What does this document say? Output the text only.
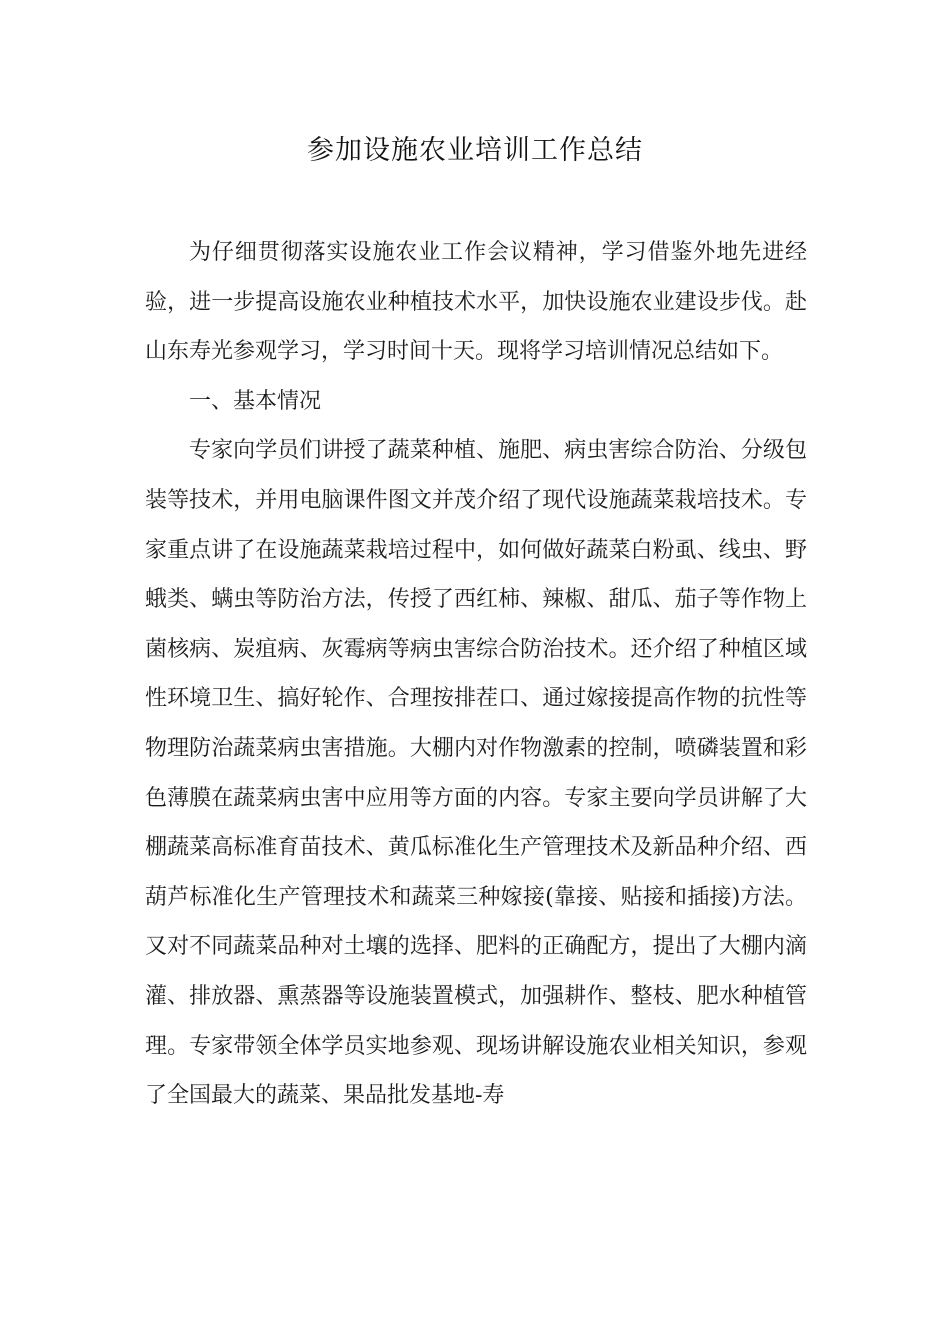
参加设施农业培训工作总结

为仔细贯彻落实设施农业工作会议精神，学习借鉴外地先进经验，进一步提高设施农业种植技术水平，加快设施农业建设步伐。赴山东寿光参观学习，学习时间十天。现将学习培训情况总结如下。

一、基本情况

专家向学员们讲授了蔬菜种植、施肥、病虫害综合防治、分级包装等技术，并用电脑课件图文并茂介绍了现代设施蔬菜栽培技术。专家重点讲了在设施蔬菜栽培过程中，如何做好蔬菜白粉虱、线虫、野蛾类、螨虫等防治方法，传授了西红柿、辣椒、甜瓜、茄子等作物上菌核病、炭疽病、灰霉病等病虫害综合防治技术。还介绍了种植区域性环境卫生、搞好轮作、合理按排茬口、通过嫁接提高作物的抗性等物理防治蔬菜病虫害措施。大棚内对作物激素的控制，喷磷装置和彩色薄膜在蔬菜病虫害中应用等方面的内容。专家主要向学员讲解了大棚蔬菜高标准育苗技术、黄瓜标准化生产管理技术及新品种介绍、西葫芦标准化生产管理技术和蔬菜三种嫁接(靠接、贴接和插接)方法。又对不同蔬菜品种对土壤的选择、肥料的正确配方，提出了大棚内滴灌、排放器、熏蒸器等设施装置模式，加强耕作、整枝、肥水种植管理。专家带领全体学员实地参观、现场讲解设施农业相关知识，参观了全国最大的蔬菜、果品批发基地-寿
